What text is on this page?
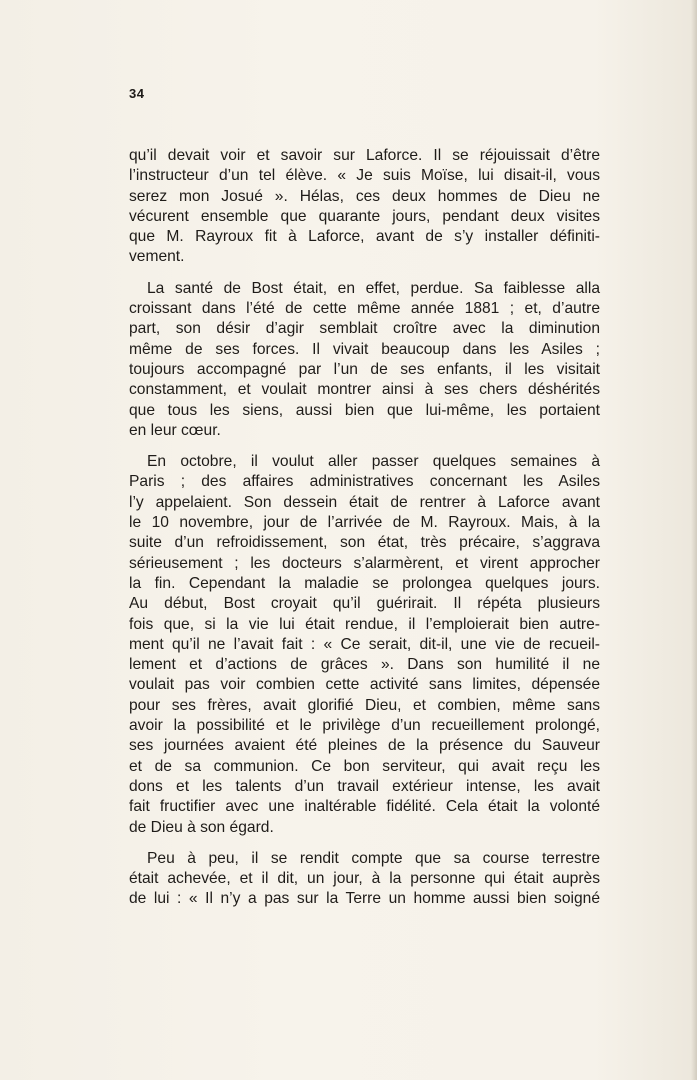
34
qu’il devait voir et savoir sur Laforce. Il se réjouissait d’être
l’instructeur d’un tel élève. « Je suis Moïse, lui disait-il, vous
serez mon Josué ». Hélas, ces deux hommes de Dieu ne
vécurent ensemble que quarante jours, pendant deux visites
que M. Rayroux fit à Laforce, avant de s’y installer définiti-
vement.
La santé de Bost était, en effet, perdue. Sa faiblesse alla
croissant dans l’été de cette même année 1881 ; et, d’autre
part, son désir d’agir semblait croître avec la diminution
même de ses forces. Il vivait beaucoup dans les Asiles ;
toujours accompagné par l’un de ses enfants, il les visitait
constamment, et voulait montrer ainsi à ses chers déshérités
que tous les siens, aussi bien que lui-même, les portaient
en leur cœur.
En octobre, il voulut aller passer quelques semaines à
Paris ; des affaires administratives concernant les Asiles
l’y appelaient. Son dessein était de rentrer à Laforce avant
le 10 novembre, jour de l’arrivée de M. Rayroux. Mais, à la
suite d’un refroidissement, son état, très précaire, s’aggrava
sérieusement ; les docteurs s’alarmèrent, et virent approcher
la fin. Cependant la maladie se prolongea quelques jours.
Au début, Bost croyait qu’il guérirait. Il répéta plusieurs
fois que, si la vie lui était rendue, il l’emploierait bien autre-
ment qu’il ne l’avait fait : « Ce serait, dit-il, une vie de recueil-
lement et d’actions de grâces ». Dans son humilité il ne
voulait pas voir combien cette activité sans limites, dépensée
pour ses frères, avait glorifié Dieu, et combien, même sans
avoir la possibilité et le privilège d’un recueillement prolongé,
ses journées avaient été pleines de la présence du Sauveur
et de sa communion. Ce bon serviteur, qui avait reçu les
dons et les talents d’un travail extérieur intense, les avait
fait fructifier avec une inaltérable fidélité. Cela était la volonté
de Dieu à son égard.
Peu à peu, il se rendit compte que sa course terrestre
était achevée, et il dit, un jour, à la personne qui était auprès
de lui : « Il n’y a pas sur la Terre un homme aussi bien soigné
